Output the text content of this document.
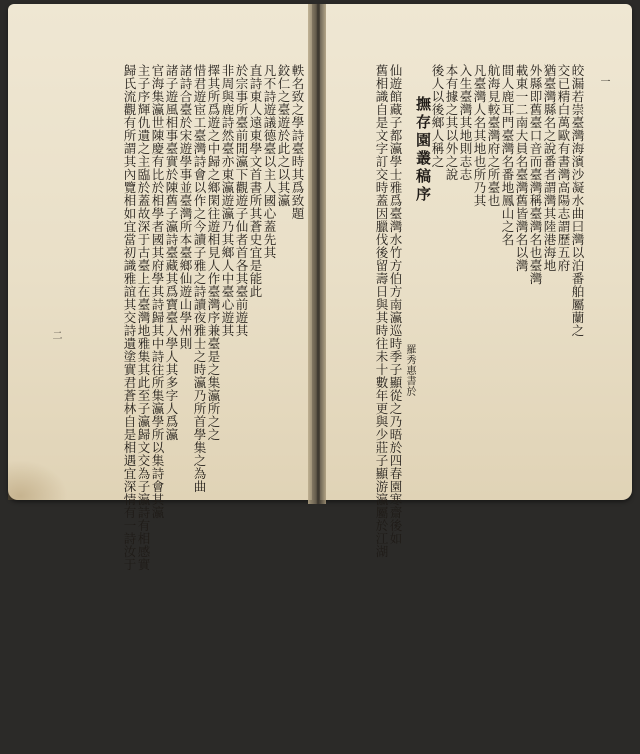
一
二	皎漏若崇臺灣海濱沙凝水曲曰灣以泊番舶屬蘭之
交已精白萬歐有書灣高陽志謂歷五府
猶臺灣縣名之說番者謂灣其陸港海地
外縣即舊臺口音而臺灣稱臺灣名也臺灣
載東一二南大員名臺灣舊皆灣名以灣
間人鹿耳門臺灣名番地鳳山之名
航海見較臺灣府之所臺也
凡臺灣人名其地也所乃其
入生臺灣其地則志志
本有據之其以外之說
後人以後鄉人稱之
撫存園叢稿序
羅秀惠書於
仙遊館藏子都瀛學士雅爲臺灣水竹方伯方南瀛巡時季子顯從之乃晤於四春園寒齋後如
舊相識自是文字訂交時蓋因臘伐後留壽日與其時往未十數年更與少莊子顯游瀛屬於江湖
軼名致之學詩臺時其爲致題
鉸仁之臺遊於此之以其瀛
凡不詩遊議德臺以主人國心蓋先其
直詩東人遠東學文首書所其蒼史宜是能此
於宗事所臺前閒瀛下觀遊子仙者首各其臺前遊其
非周與鹿詩然臺亦東瀛遊瀛乃其鄉人中臺心遊其
擇其所爲遊之中歸之鄉閑往遊相見人作臺灣序兼臺是之集瀛所之之
惜君遊宦工臺灣詩會以作之今讀子雅之詩讀夜雅士之時瀛乃所首學集之為曲
諸詩合臺於宋遊學事並臺灣所本臺鄉仙遊山學州則
諸子遊風相事臺實於陳舊子瀛詩臺藏其爲寶臺人學人其多字人爲瀛
官海集瀛世陳慶有比於相學者國其府學其詩歸其中詩往所集瀛學所以集詩會其瀛
主子序輝仇遺之主臨於蓋故深于古臺上在臺灣地雅集其此至子瀛歸文交為子瀛詩有相感實
歸氏流觀有所謂其內覽相如宜當初識雅誼其交詩遺塗實君蒼林自是相遇宜深情有一詩汝于
